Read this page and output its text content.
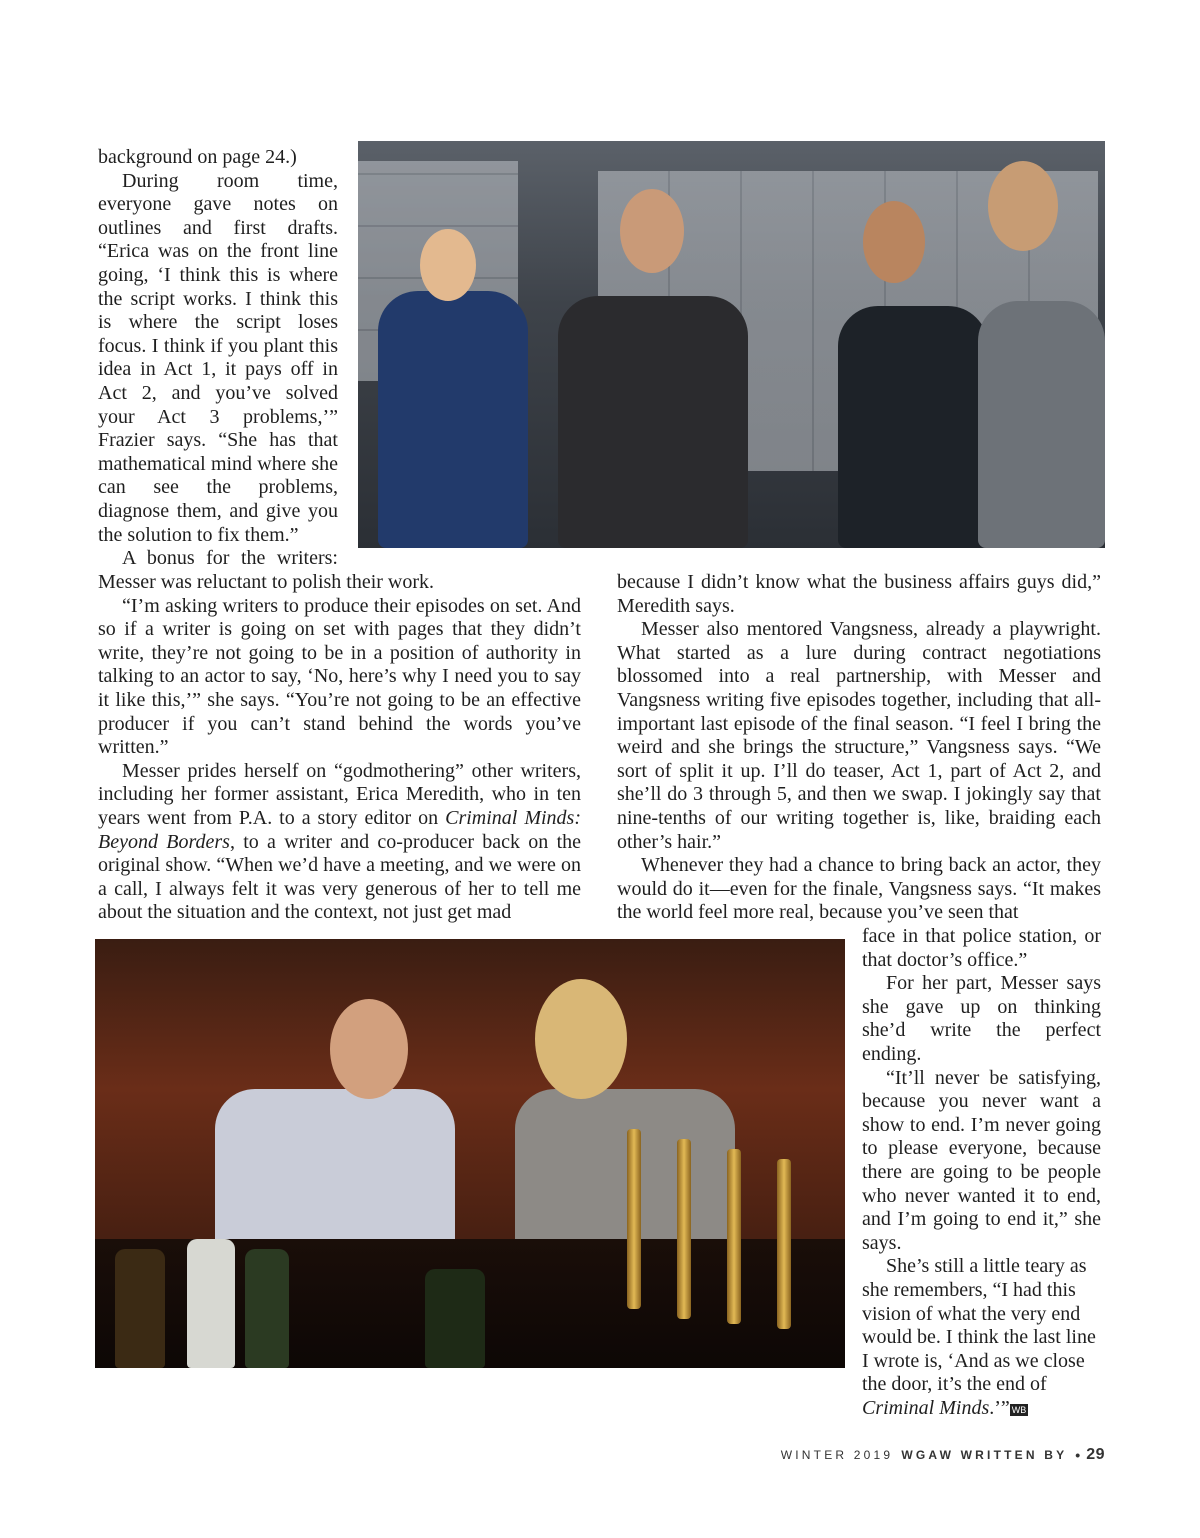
background on page 24.)

During room time, everyone gave notes on outlines and first drafts. “Erica was on the front line going, ‘I think this is where the script works. I think this is where the script loses focus. I think if you plant this idea in Act 1, it pays off in Act 2, and you’ve solved your Act 3 problems,’” Frazier says. “She has that mathematical mind where she can see the problems, diagnose them, and give you the solution to fix them.”

A bonus for the writers:

Messer was reluctant to polish their work.

“I’m asking writers to produce their episodes on set. And so if a writer is going on set with pages that they didn’t write, they’re not going to be in a position of authority in talking to an actor to say, ‘No, here’s why I need you to say it like this,’” she says. “You’re not going to be an effective producer if you can’t stand behind the words you’ve written.”

Messer prides herself on “godmothering” other writers, including her former assistant, Erica Meredith, who in ten years went from P.A. to a story editor on Criminal Minds: Beyond Borders, to a writer and co-producer back on the original show. “When we’d have a meeting, and we were on a call, I always felt it was very generous of her to tell me about the situation and the context, not just get mad

because I didn’t know what the business affairs guys did,” Meredith says.

Messer also mentored Vangsness, already a playwright. What started as a lure during contract negotiations blossomed into a real partnership, with Messer and Vangsness writing five episodes together, including that all-important last episode of the final season. “I feel I bring the weird and she brings the structure,” Vangsness says. “We sort of split it up. I’ll do teaser, Act 1, part of Act 2, and she’ll do 3 through 5, and then we swap. I jokingly say that nine-tenths of our writing together is, like, braiding each other’s hair.”

Whenever they had a chance to bring back an actor, they would do it—even for the finale, Vangsness says. “It makes the world feel more real, because you’ve seen that

face in that police station, or that doctor’s office.”

For her part, Messer says she gave up on thinking she’d write the perfect ending.

“It’ll never be satisfying, because you never want a show to end. I’m never going to please everyone, because there are going to be people who never wanted it to end, and I’m going to end it,” she says.

She’s still a little teary as she remembers, “I had this vision of what the very end would be. I think the last line I wrote is, ‘And as we close the door, it’s the end of Criminal Minds.’” WB

WINTER 2019 WGAW WRITTEN BY • 29
